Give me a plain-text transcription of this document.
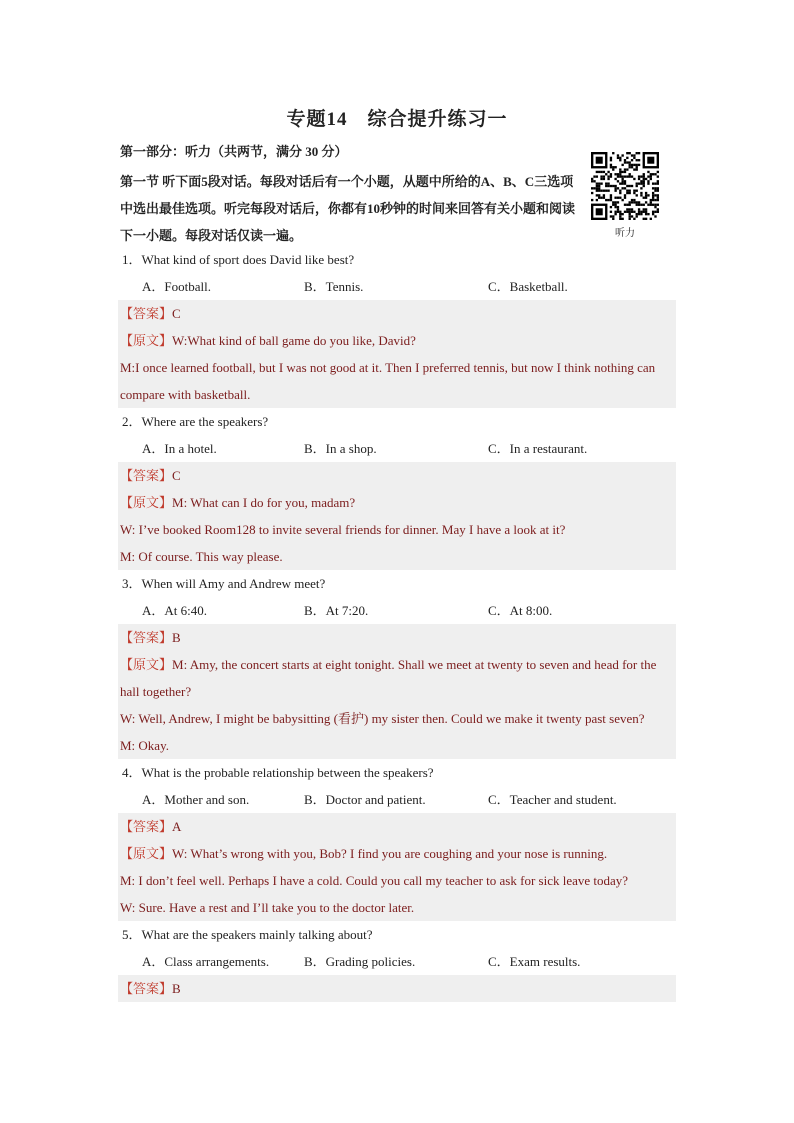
专题14　综合提升练习一
第一部分：听力（共两节，满分 30 分）
第一节 听下面5段对话。每段对话后有一个小题，从题中所给的A、B、C三选项中选出最佳选项。听完每段对话后，你都有10秒钟的时间来回答有关小题和阅读下一小题。每段对话仅读一遍。	听力
1．What kind of sport does David like best?
A．Football.	B．Tennis.	C．Basketball.
【答案】C
【原文】W:What kind of ball game do you like, David?
M:I once learned football, but I was not good at it. Then I preferred tennis, but now I think nothing can compare with basketball.
2．Where are the speakers?
A．In a hotel.	B．In a shop.	C．In a restaurant.
【答案】C
【原文】M: What can I do for you, madam?
W: I’ve booked Room128 to invite several friends for dinner. May I have a look at it?
M: Of course. This way please.
3．When will Amy and Andrew meet?
A．At 6:40.	B．At 7:20.	C．At 8:00.
【答案】B
【原文】M: Amy, the concert starts at eight tonight. Shall we meet at twenty to seven and head for the hall together?
W: Well, Andrew, I might be babysitting (看护) my sister then. Could we make it twenty past seven?
M: Okay.
4．What is the probable relationship between the speakers?
A．Mother and son.	B．Doctor and patient.	C．Teacher and student.
【答案】A
【原文】W: What’s wrong with you, Bob? I find you are coughing and your nose is running.
M: I don’t feel well. Perhaps I have a cold. Could you call my teacher to ask for sick leave today?
W: Sure. Have a rest and I’ll take you to the doctor later.
5．What are the speakers mainly talking about?
A．Class arrangements.	B．Grading policies.	C．Exam results.
【答案】B
